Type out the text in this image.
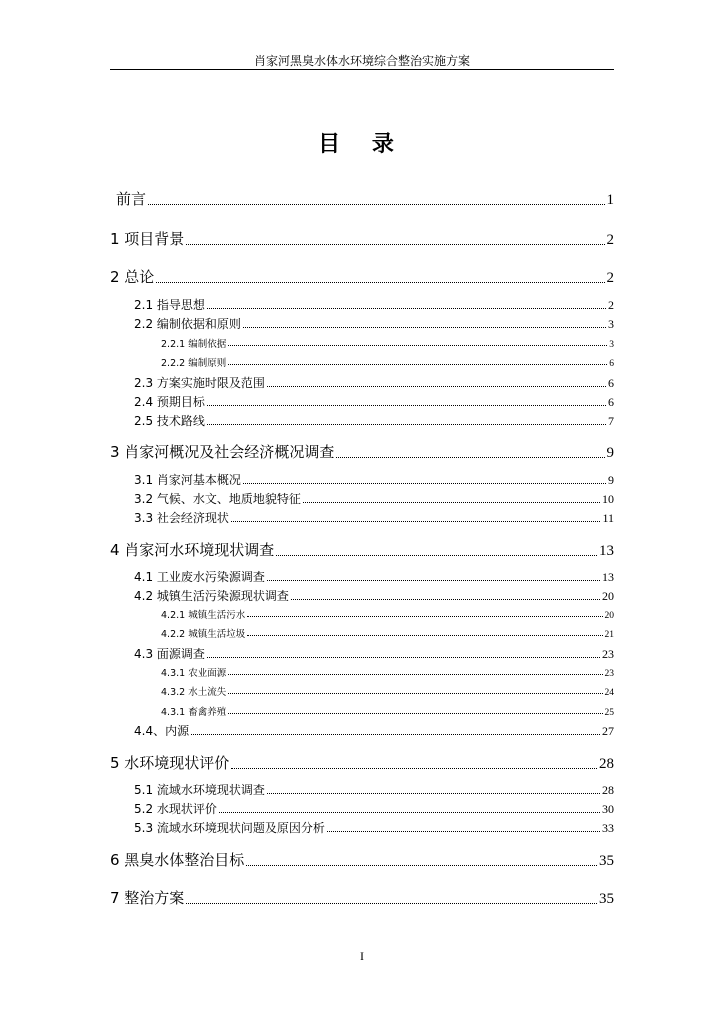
肖家河黑臭水体水环境综合整治实施方案
目 录
前言	1
1 项目背景	2
2 总论	2
2.1 指导思想	2
2.2 编制依据和原则	3
2.2.1 编制依据	3
2.2.2 编制原则	6
2.3 方案实施时限及范围	6
2.4 预期目标	6
2.5 技术路线	7
3 肖家河概况及社会经济概况调查	9
3.1 肖家河基本概况	9
3.2 气候、水文、地质地貌特征	10
3.3 社会经济现状	11
4 肖家河水环境现状调查	13
4.1 工业废水污染源调查	13
4.2 城镇生活污染源现状调查	20
4.2.1 城镇生活污水	20
4.2.2 城镇生活垃圾	21
4.3 面源调查	23
4.3.1 农业面源	23
4.3.2 水土流失	24
4.3.1 畜禽养殖	25
4.4、内源	27
5 水环境现状评价	28
5.1 流域水环境现状调查	28
5.2 水现状评价	30
5.3 流域水环境现状问题及原因分析	33
6 黑臭水体整治目标	35
7 整治方案	35
I
